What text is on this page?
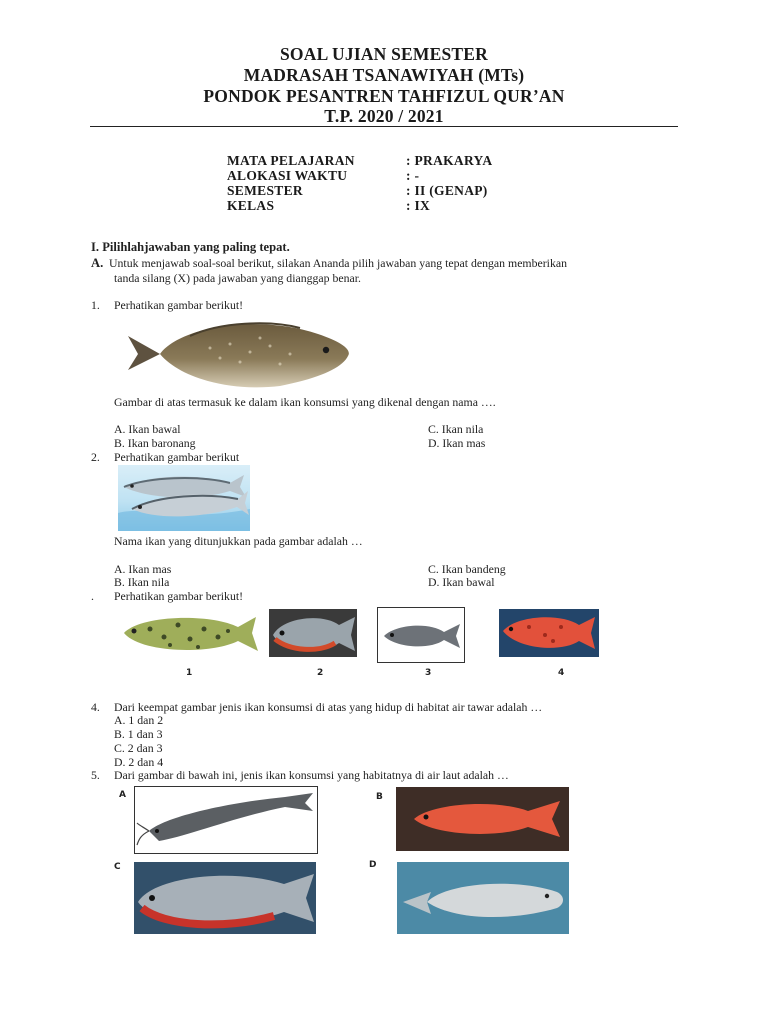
SOAL UJIAN SEMESTER
MADRASAH TSANAWIYAH (MTs)
PONDOK PESANTREN TAHFIZUL QUR’AN
T.P. 2020 / 2021
MATA PELAJARAN	: PRAKARYA
ALOKASI WAKTU	: -
SEMESTER	: II (GENAP)
KELAS	: IX
I. Pilihlahjawaban yang paling tepat.
A. Untuk menjawab soal-soal berikut, silakan Ananda pilih jawaban yang tepat dengan memberikan
tanda silang (X) pada jawaban yang dianggap benar.
1. Perhatikan gambar berikut!
Gambar di atas termasuk ke dalam ikan konsumsi yang dikenal dengan nama ….
A. Ikan bawal	C. Ikan nila
B. Ikan baronang	D. Ikan mas
2. Perhatikan gambar berikut
Nama ikan yang ditunjukkan pada gambar adalah …
A. Ikan mas	C. Ikan bandeng
B. Ikan nila	D. Ikan bawal
. Perhatikan gambar berikut!
1	2	3	4
4. Dari keempat gambar jenis ikan konsumsi di atas yang hidup di habitat air tawar adalah …
A. 1 dan 2
B. 1 dan 3
C. 2 dan 3
D. 2 dan 4
5. Dari gambar di bawah ini, jenis ikan konsumsi yang habitatnya di air laut adalah …
A	B
C	D
